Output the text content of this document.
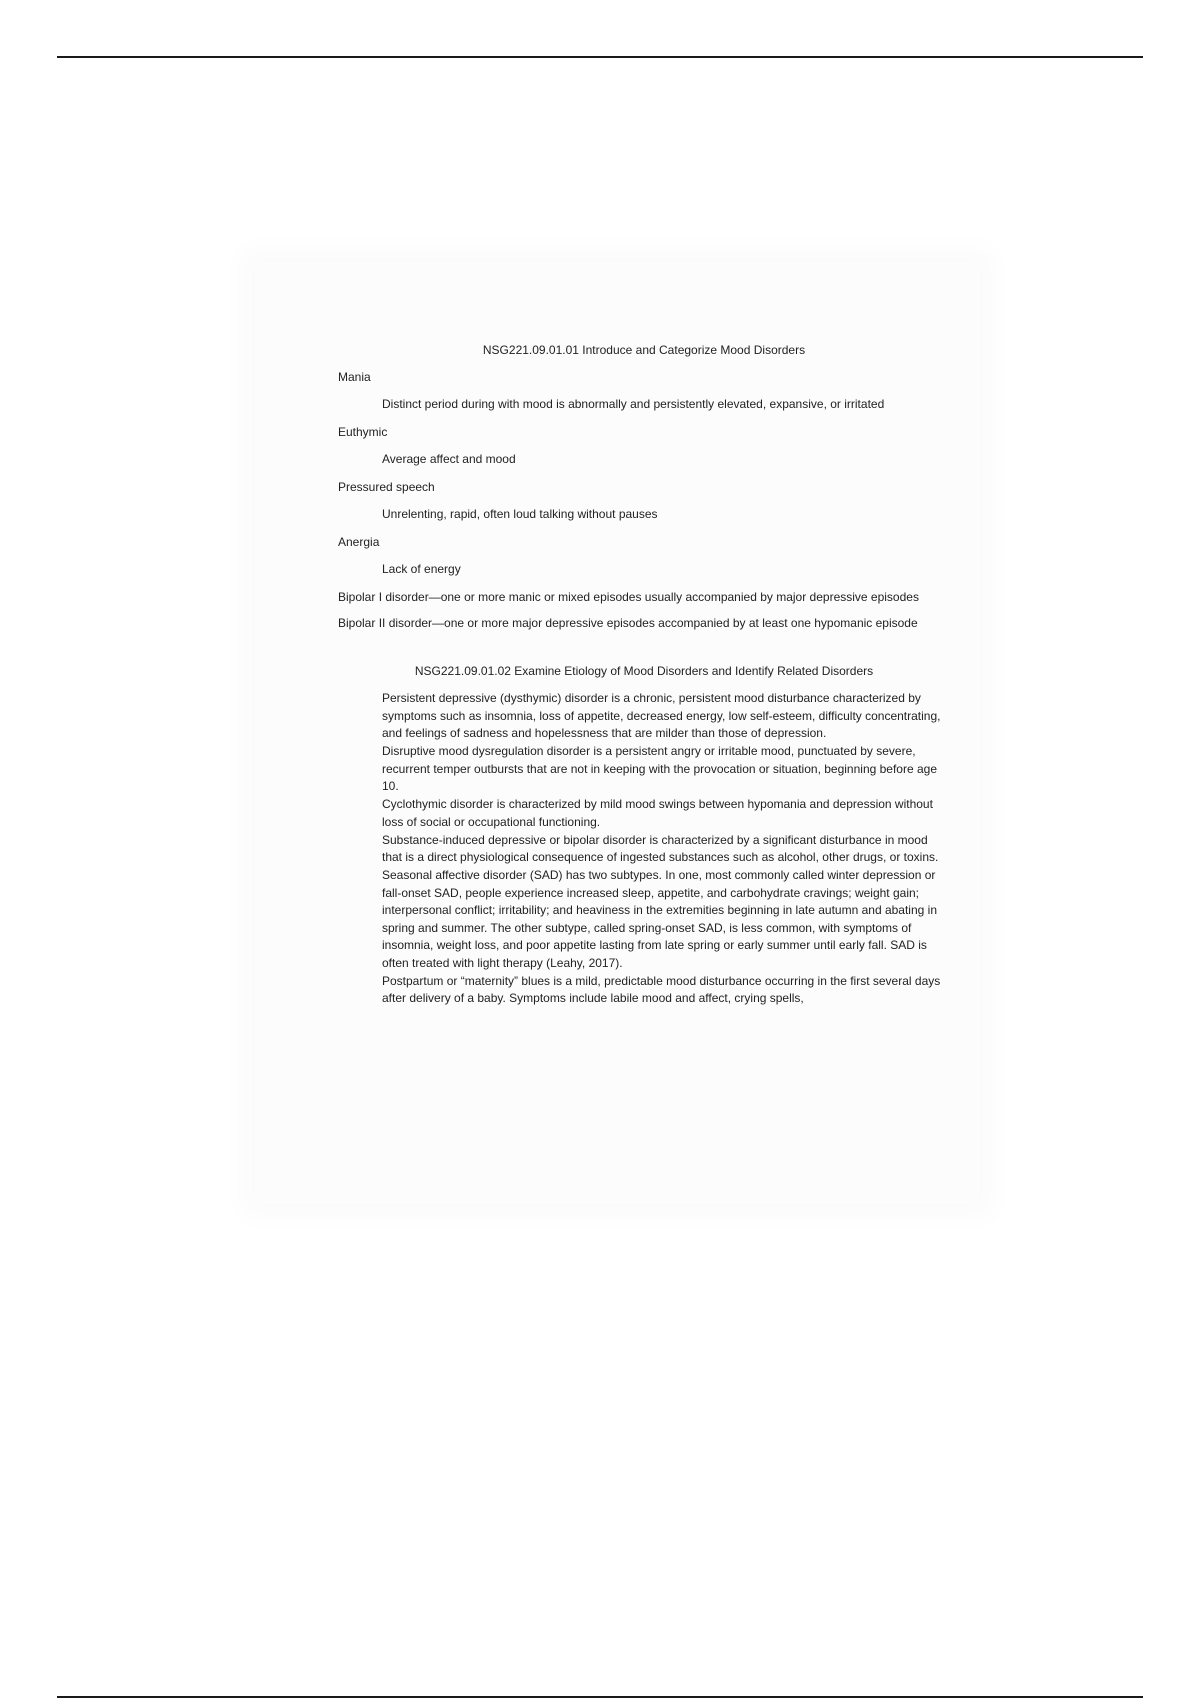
NSG221.09.01.01 Introduce and Categorize Mood Disorders
Mania
Distinct period during with mood is abnormally and persistently elevated, expansive, or irritated
Euthymic
Average affect and mood
Pressured speech
Unrelenting, rapid, often loud talking without pauses
Anergia
Lack of energy
Bipolar I disorder—one or more manic or mixed episodes usually accompanied by major depressive episodes
Bipolar II disorder—one or more major depressive episodes accompanied by at least one hypomanic episode
NSG221.09.01.02 Examine Etiology of Mood Disorders and Identify Related Disorders
Persistent depressive (dysthymic) disorder is a chronic, persistent mood disturbance characterized by symptoms such as insomnia, loss of appetite, decreased energy, low self-esteem, difficulty concentrating, and feelings of sadness and hopelessness that are milder than those of depression.
Disruptive mood dysregulation disorder is a persistent angry or irritable mood, punctuated by severe, recurrent temper outbursts that are not in keeping with the provocation or situation, beginning before age 10.
Cyclothymic disorder is characterized by mild mood swings between hypomania and depression without loss of social or occupational functioning.
Substance-induced depressive or bipolar disorder is characterized by a significant disturbance in mood that is a direct physiological consequence of ingested substances such as alcohol, other drugs, or toxins.
Seasonal affective disorder (SAD) has two subtypes. In one, most commonly called winter depression or fall-onset SAD, people experience increased sleep, appetite, and carbohydrate cravings; weight gain; interpersonal conflict; irritability; and heaviness in the extremities beginning in late autumn and abating in spring and summer. The other subtype, called spring-onset SAD, is less common, with symptoms of insomnia, weight loss, and poor appetite lasting from late spring or early summer until early fall. SAD is often treated with light therapy (Leahy, 2017).
Postpartum or “maternity” blues is a mild, predictable mood disturbance occurring in the first several days after delivery of a baby. Symptoms include labile mood and affect, crying spells,
